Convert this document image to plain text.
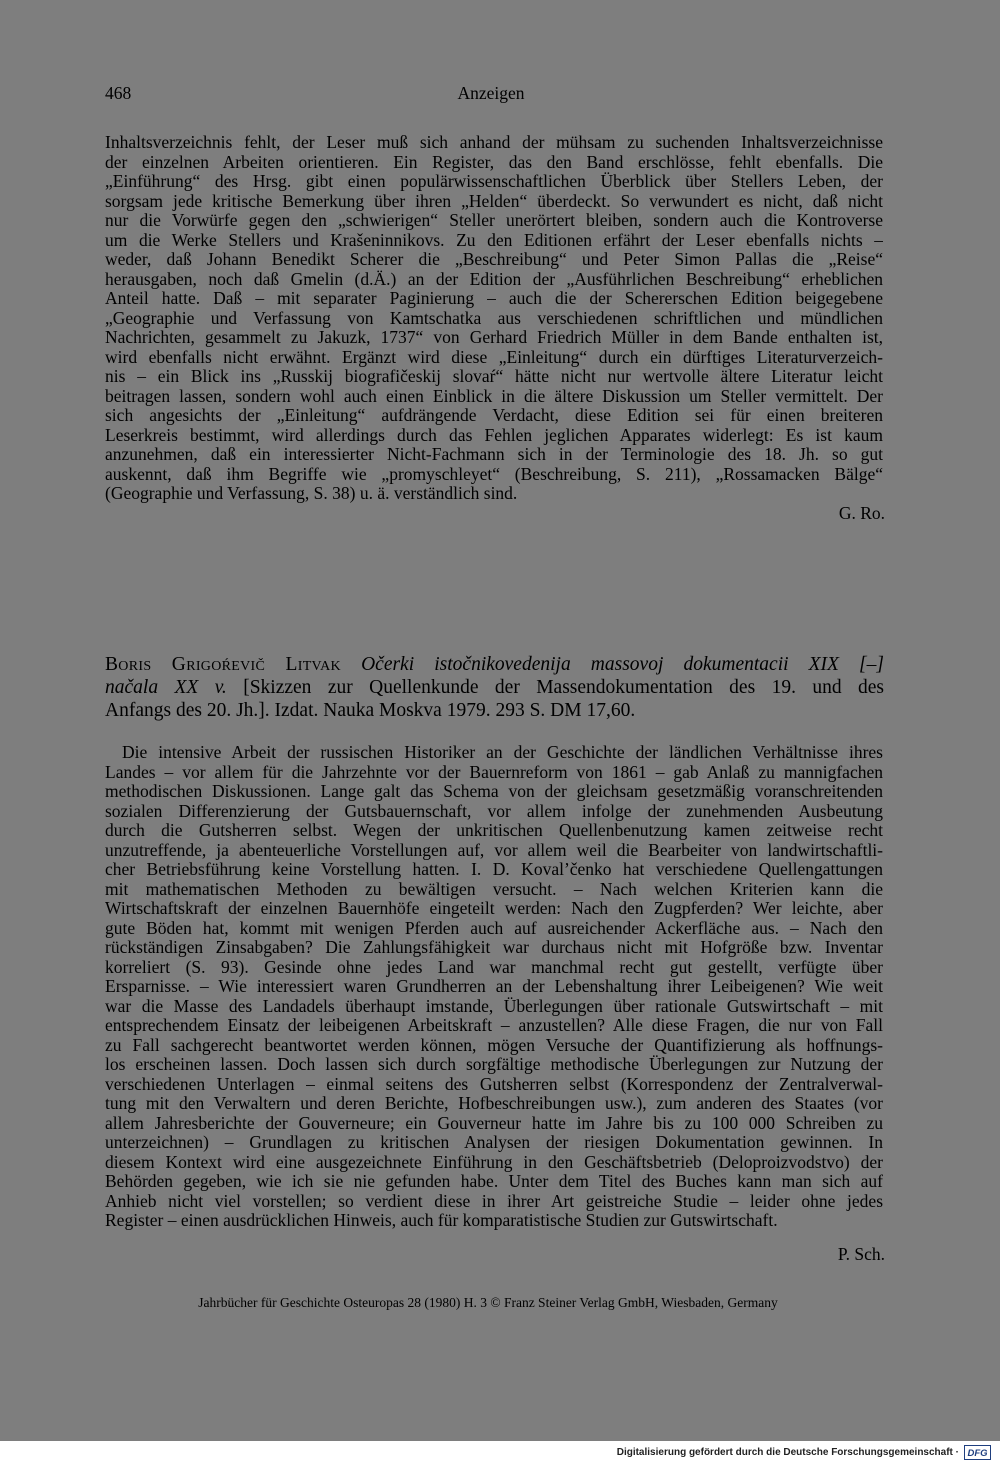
468	Anzeigen
Inhaltsverzeichnis fehlt, der Leser muß sich anhand der mühsam zu suchenden Inhaltsverzeichnisse
der einzelnen Arbeiten orientieren. Ein Register, das den Band erschlösse, fehlt ebenfalls. Die
„Einführung“ des Hrsg. gibt einen populärwissenschaftlichen Überblick über Stellers Leben, der
sorgsam jede kritische Bemerkung über ihren „Helden“ überdeckt. So verwundert es nicht, daß nicht
nur die Vorwürfe gegen den „schwierigen“ Steller unerörtert bleiben, sondern auch die Kontroverse
um die Werke Stellers und Krašeninnikovs. Zu den Editionen erfährt der Leser ebenfalls nichts –
weder, daß Johann Benedikt Scherer die „Beschreibung“ und Peter Simon Pallas die „Reise“
herausgaben, noch daß Gmelin (d.Ä.) an der Edition der „Ausführlichen Beschreibung“ erheblichen
Anteil hatte. Daß – mit separater Paginierung – auch die der Schererschen Edition beigegebene
„Geographie und Verfassung von Kamtschatka aus verschiedenen schriftlichen und mündlichen
Nachrichten, gesammelt zu Jakuzk, 1737“ von Gerhard Friedrich Müller in dem Bande enthalten ist,
wird ebenfalls nicht erwähnt. Ergänzt wird diese „Einleitung“ durch ein dürftiges Literaturverzeich-
nis – ein Blick ins „Russkij biografičeskij slovaŕ“ hätte nicht nur wertvolle ältere Literatur leicht
beitragen lassen, sondern wohl auch einen Einblick in die ältere Diskussion um Steller vermittelt. Der
sich angesichts der „Einleitung“ aufdrängende Verdacht, diese Edition sei für einen breiteren
Leserkreis bestimmt, wird allerdings durch das Fehlen jeglichen Apparates widerlegt: Es ist kaum
anzunehmen, daß ein interessierter Nicht-Fachmann sich in der Terminologie des 18. Jh. so gut
auskennt, daß ihm Begriffe wie „promyschleyet“ (Beschreibung, S. 211), „Rossamacken Bälge“
(Geographie und Verfassung, S. 38) u. ä. verständlich sind.
G. Ro.
Boris Grigoŕevič Litvak Očerki istočnikovedenija massovoj dokumentacii XIX [–]
načala XX v. [Skizzen zur Quellenkunde der Massendokumentation des 19. und des
Anfangs des 20. Jh.]. Izdat. Nauka Moskva 1979. 293 S. DM 17,60.
Die intensive Arbeit der russischen Historiker an der Geschichte der ländlichen Verhältnisse ihres
Landes – vor allem für die Jahrzehnte vor der Bauernreform von 1861 – gab Anlaß zu mannigfachen
methodischen Diskussionen. Lange galt das Schema von der gleichsam gesetzmäßig voranschreitenden
sozialen Differenzierung der Gutsbauernschaft, vor allem infolge der zunehmenden Ausbeutung
durch die Gutsherren selbst. Wegen der unkritischen Quellenbenutzung kamen zeitweise recht
unzutreffende, ja abenteuerliche Vorstellungen auf, vor allem weil die Bearbeiter von landwirtschaftli-
cher Betriebsführung keine Vorstellung hatten. I. D. Koval’čenko hat verschiedene Quellengattungen
mit mathematischen Methoden zu bewältigen versucht. – Nach welchen Kriterien kann die
Wirtschaftskraft der einzelnen Bauernhöfe eingeteilt werden: Nach den Zugpferden? Wer leichte, aber
gute Böden hat, kommt mit wenigen Pferden auch auf ausreichender Ackerfläche aus. – Nach den
rückständigen Zinsabgaben? Die Zahlungsfähigkeit war durchaus nicht mit Hofgröße bzw. Inventar
korreliert (S. 93). Gesinde ohne jedes Land war manchmal recht gut gestellt, verfügte über
Ersparnisse. – Wie interessiert waren Grundherren an der Lebenshaltung ihrer Leibeigenen? Wie weit
war die Masse des Landadels überhaupt imstande, Überlegungen über rationale Gutswirtschaft – mit
entsprechendem Einsatz der leibeigenen Arbeitskraft – anzustellen? Alle diese Fragen, die nur von Fall
zu Fall sachgerecht beantwortet werden können, mögen Versuche der Quantifizierung als hoffnungs-
los erscheinen lassen. Doch lassen sich durch sorgfältige methodische Überlegungen zur Nutzung der
verschiedenen Unterlagen – einmal seitens des Gutsherren selbst (Korrespondenz der Zentralverwal-
tung mit den Verwaltern und deren Berichte, Hofbeschreibungen usw.), zum anderen des Staates (vor
allem Jahresberichte der Gouverneure; ein Gouverneur hatte im Jahre bis zu 100 000 Schreiben zu
unterzeichnen) – Grundlagen zu kritischen Analysen der riesigen Dokumentation gewinnen. In
diesem Kontext wird eine ausgezeichnete Einführung in den Geschäftsbetrieb (Deloproizvodstvo) der
Behörden gegeben, wie ich sie nie gefunden habe. Unter dem Titel des Buches kann man sich auf
Anhieb nicht viel vorstellen; so verdient diese in ihrer Art geistreiche Studie – leider ohne jedes
Register – einen ausdrücklichen Hinweis, auch für komparatistische Studien zur Gutswirtschaft.
P. Sch.
Jahrbücher für Geschichte Osteuropas 28 (1980) H. 3 © Franz Steiner Verlag GmbH, Wiesbaden, Germany
Digitalisierung gefördert durch die Deutsche Forschungsgemeinschaft · DFG
